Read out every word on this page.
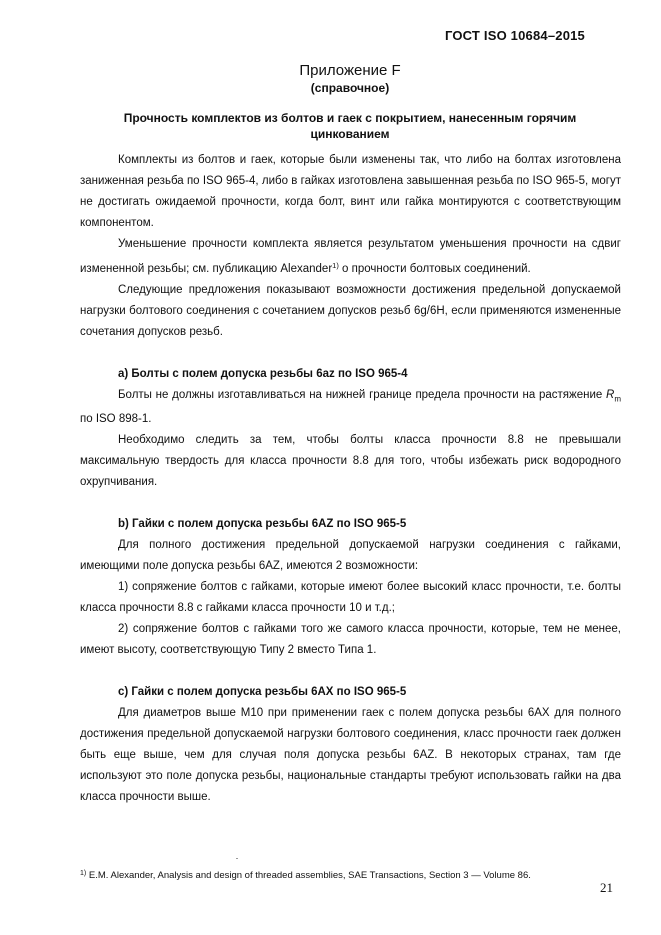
ГОСТ ISO 10684–2015
Приложение F
(справочное)
Прочность комплектов из болтов и гаек с покрытием, нанесенным горячим цинкованием

Комплекты из болтов и гаек, которые были изменены так, что либо на болтах изготовлена заниженная резьба по ISO 965-4, либо в гайках изготовлена завышенная резьба по ISO 965-5, могут не достигать ожидаемой прочности, когда болт, винт или гайка монтируются с соответствующим компонентом.

Уменьшение прочности комплекта является результатом уменьшения прочности на сдвиг измененной резьбы; см. публикацию Alexander$^{1)}$ о прочности болтовых соединений.

Следующие предложения показывают возможности достижения предельной допускаемой нагрузки болтового соединения с сочетанием допусков резьб 6g/6H, если применяются измененные сочетания допусков резьб.

а) Болты с полем допуска резьбы 6az по ISO 965-4

Болты не должны изготавливаться на нижней границе предела прочности на растяжение $R_m$ по ISO 898-1.

Необходимо следить за тем, чтобы болты класса прочности 8.8 не превышали максимальную твердость для класса прочности 8.8 для того, чтобы избежать риск водородного охрупчивания.

b) Гайки с полем допуска резьбы 6AZ по ISO 965-5

Для полного достижения предельной допускаемой нагрузки соединения с гайками, имеющими поле допуска резьбы 6AZ, имеются 2 возможности:

1) сопряжение болтов с гайками, которые имеют более высокий класс прочности, т.е. болты класса прочности 8.8 с гайками класса прочности 10 и т.д.;

2) сопряжение болтов с гайками того же самого класса прочности, которые, тем не менее, имеют высоту, соответствующую Типу 2 вместо Типа 1.

с) Гайки с полем допуска резьбы 6AX по ISO 965-5

Для диаметров выше M10 при применении гаек с полем допуска резьбы 6AX для полного достижения предельной допускаемой нагрузки болтового соединения, класс прочности гаек должен быть еще выше, чем для случая поля допуска резьбы 6AZ. В некоторых странах, там где используют это поле допуска резьбы, национальные стандарты требуют использовать гайки на два класса прочности выше.

$^{1)}$ E.M. Alexander, Analysis and design of threaded assemblies, SAE Transactions, Section 3 — Volume 86.
21
